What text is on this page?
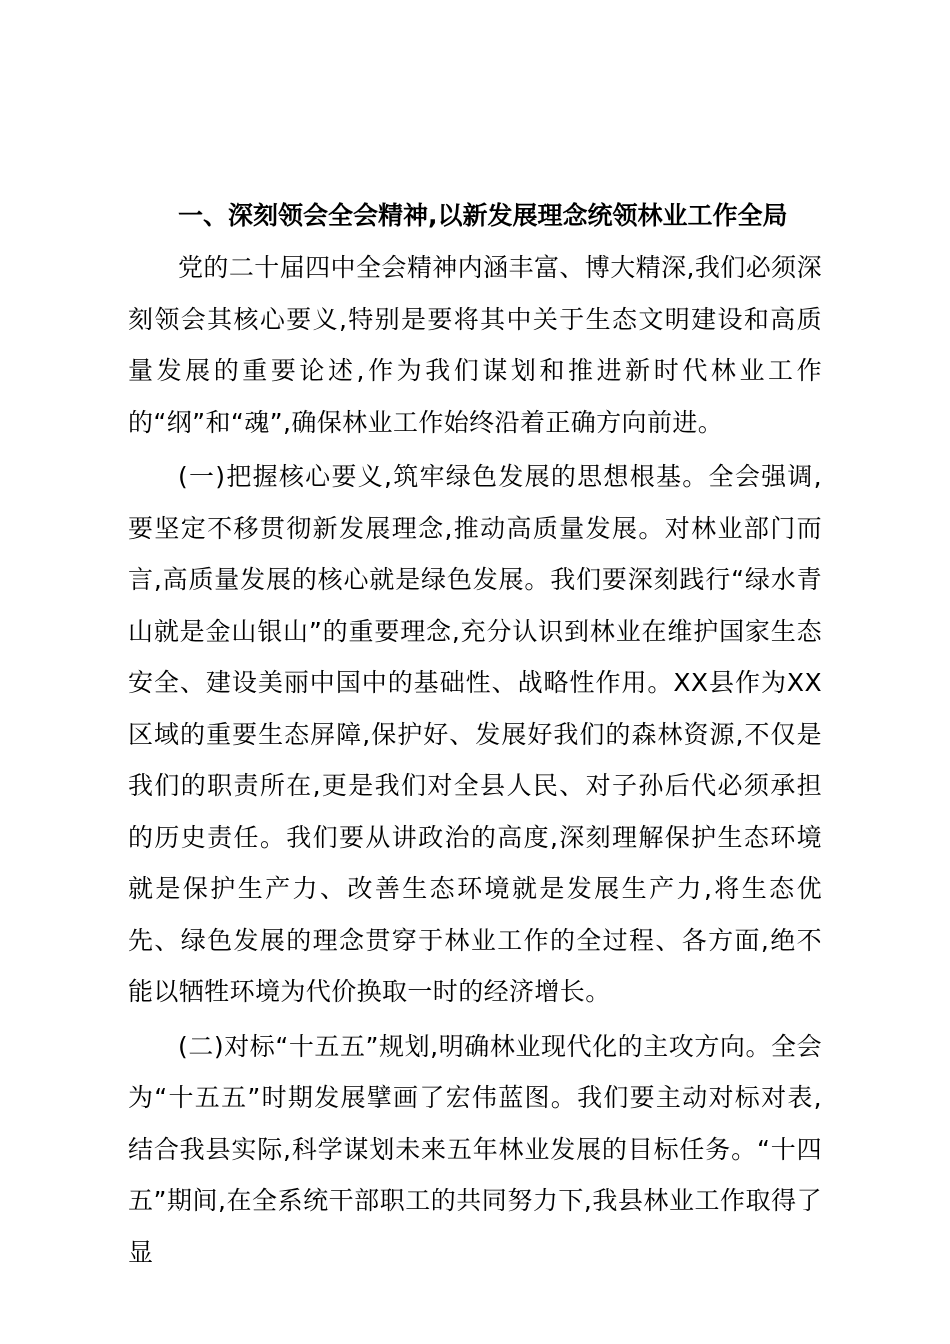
一、深刻领会全会精神,以新发展理念统领林业工作全局

党的二十届四中全会精神内涵丰富、博大精深,我们必须深刻领会其核心要义,特别是要将其中关于生态文明建设和高质量发展的重要论述,作为我们谋划和推进新时代林业工作的“纲”和“魂”,确保林业工作始终沿着正确方向前进。

(一)把握核心要义,筑牢绿色发展的思想根基。全会强调,要坚定不移贯彻新发展理念,推动高质量发展。对林业部门而言,高质量发展的核心就是绿色发展。我们要深刻践行“绿水青山就是金山银山”的重要理念,充分认识到林业在维护国家生态安全、建设美丽中国中的基础性、战略性作用。XX县作为XX区域的重要生态屏障,保护好、发展好我们的森林资源,不仅是我们的职责所在,更是我们对全县人民、对子孙后代必须承担的历史责任。我们要从讲政治的高度,深刻理解保护生态环境就是保护生产力、改善生态环境就是发展生产力,将生态优先、绿色发展的理念贯穿于林业工作的全过程、各方面,绝不能以牺牲环境为代价换取一时的经济增长。

(二)对标“十五五”规划,明确林业现代化的主攻方向。全会为“十五五”时期发展擘画了宏伟蓝图。我们要主动对标对表,结合我县实际,科学谋划未来五年林业发展的目标任务。“十四五”期间,在全系统干部职工的共同努力下,我县林业工作取得了显
